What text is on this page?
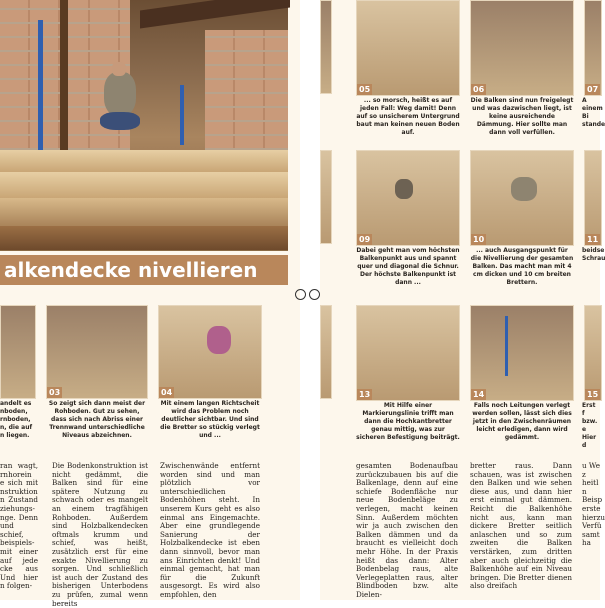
alkendecke nivellieren
andelt es
nboden,
rnboden,
n, die auf
n liegen.
03
So zeigt sich dann meist der Rohboden. Gut zu sehen, dass sich nach Abriss einer Trennwand unterschiedliche Niveaus abzeichnen.
04
Mit einem langen Richtscheit wird das Problem noch deutlicher sichtbar. Und sind die Bretter so stückig verlegt und ...
ran wagt, rnhorein e sich mit nstruktion n Zustand ziehungs- nge. Denn und schief, beispiels- mit einer auf jede cke aus Und hier n folgen-
Die Bodenkonstruktion ist nicht gedämmt, die Balken sind für eine spätere Nutzung zu schwach oder es mangelt an einem tragfähigen Rohboden. Außerdem sind Holzbalkendecken oftmals krumm und schief, was heißt, zusätzlich erst für eine exakte Nivellierung zu sorgen. Und schließlich ist auch der Zustand des bisherigen Unterbodens zu prüfen, zumal wenn bereits
Zwischenwände entfernt worden sind und man plötzlich vor unterschiedlichen Bodenhöhen steht. In unserem Kurs geht es also einmal ans Eingemachte. Aber eine grundlegende Sanierung der Holzbalkendecke ist eben dann sinnvoll, bevor man ans Einrichten denkt! Und einmal gemacht, hat man für die Zukunft ausgesorgt. Es wird also empfohlen, den
05
... so morsch, heißt es auf jeden Fall: Weg damit! Denn auf so unsicherem Untergrund baut man keinen neuen Boden auf.
06
Die Balken sind nun freigelegt und was dazwischen liegt, ist keine ausreichende Dämmung. Hier sollte man dann voll verfüllen.
07
A einem Bi stande
09
Dabei geht man vom höchsten Balkenpunkt aus und spannt quer und diagonal die Schnur. Der höchste Balkenpunkt ist dann ...
10
... auch Ausgangspunkt für die Nivellierung der gesamten Balken. Das macht man mit 4 cm dicken und 10 cm breiten Brettern.
11
beidse Schrau
13
Mit Hilfe einer Markierungslinie trifft man dann die Hochkantbretter genau mittig, was zur sicheren Befestigung beiträgt.
14
Falls noch Leitungen verlegt werden sollen, lässt sich dies jetzt in den Zwischenräumen leicht erledigen, dann wird gedämmt.
15
Erst f bzw. e Hier d
gesamten Bodenaufbau zurückzubauen bis auf die Balkenlage, denn auf eine schiefe Bodenfläche nur neue Bodenbeläge zu verlegen, macht keinen Sinn. Außerdem möchten wir ja auch zwischen den Balken dämmen und da braucht es vielleicht doch mehr Höhe. In der Praxis heißt das dann: Alter Bodenbelag raus, alte Verlegeplatten raus, alter Blindboden bzw. alte Dielen-
bretter raus. Dann schauen, was ist zwischen den Balken und wie sehen diese aus, und dann hier erst einmal gut dämmen. Reicht die Balkenhöhe nicht aus, kann man dickere Bretter seitlich anlaschen und so zum zweiten die Balken verstärken, zum dritten aber auch gleichzeitig die Balkenhöhe auf ein Niveau bringen. Die Bretter dienen also dreifach
u We z heitl n Beisp erste hierzu Verfü samt ha
